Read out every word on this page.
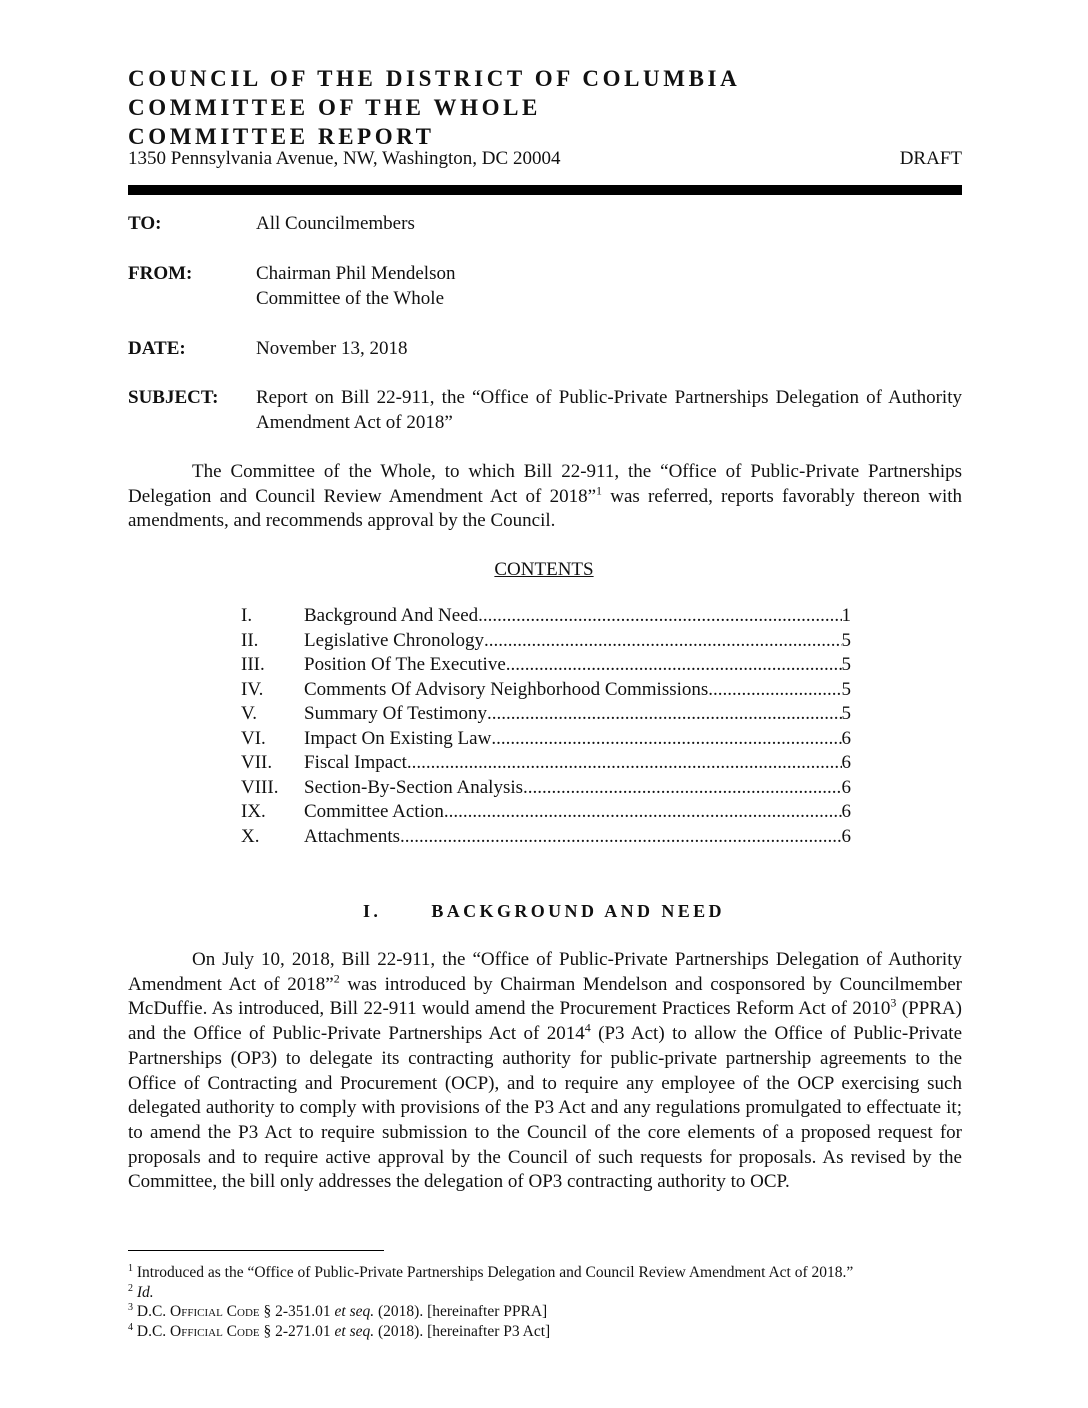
COUNCIL OF THE DISTRICT OF COLUMBIA
COMMITTEE OF THE WHOLE
COMMITTEE REPORT
1350 Pennsylvania Avenue, NW, Washington, DC 20004	DRAFT
TO:	All Councilmembers
FROM:	Chairman Phil Mendelson
Committee of the Whole
DATE:	November 13, 2018
SUBJECT: Report on Bill 22-911, the “Office of Public-Private Partnerships Delegation of Authority Amendment Act of 2018”
The Committee of the Whole, to which Bill 22-911, the “Office of Public-Private Partnerships Delegation and Council Review Amendment Act of 2018”$^1$ was referred, reports favorably thereon with amendments, and recommends approval by the Council.
CONTENTS
I.	Background And Need .....	1
II. Legislative Chronology .....	5
III. Position Of The Executive .....	5
IV. Comments Of Advisory Neighborhood Commissions .....	5
V. Summary Of Testimony .....	5
VI. Impact On Existing Law .....	6
VII. Fiscal Impact .....	6
VIII. Section-By-Section Analysis .....	6
IX. Committee Action .....	6
X. Attachments .....	6
I.	BACKGROUND AND NEED
On July 10, 2018, Bill 22-911, the “Office of Public-Private Partnerships Delegation of Authority Amendment Act of 2018”$^2$ was introduced by Chairman Mendelson and cosponsored by Councilmember McDuffie. As introduced, Bill 22-911 would amend the Procurement Practices Reform Act of 2010$^3$ (PPRA) and the Office of Public-Private Partnerships Act of 2014$^4$ (P3 Act) to allow the Office of Public-Private Partnerships (OP3) to delegate its contracting authority for public-private partnership agreements to the Office of Contracting and Procurement (OCP), and to require any employee of the OCP exercising such delegated authority to comply with provisions of the P3 Act and any regulations promulgated to effectuate it; to amend the P3 Act to require submission to the Council of the core elements of a proposed request for proposals and to require active approval by the Council of such requests for proposals. As revised by the Committee, the bill only addresses the delegation of OP3 contracting authority to OCP.
$^1$ Introduced as the “Office of Public-Private Partnerships Delegation and Council Review Amendment Act of 2018.”
$^2$ Id.
$^3$ D.C. Official Code § 2-351.01 et seq. (2018). [hereinafter PPRA]
$^4$ D.C. Official Code § 2-271.01 et seq. (2018). [hereinafter P3 Act]
